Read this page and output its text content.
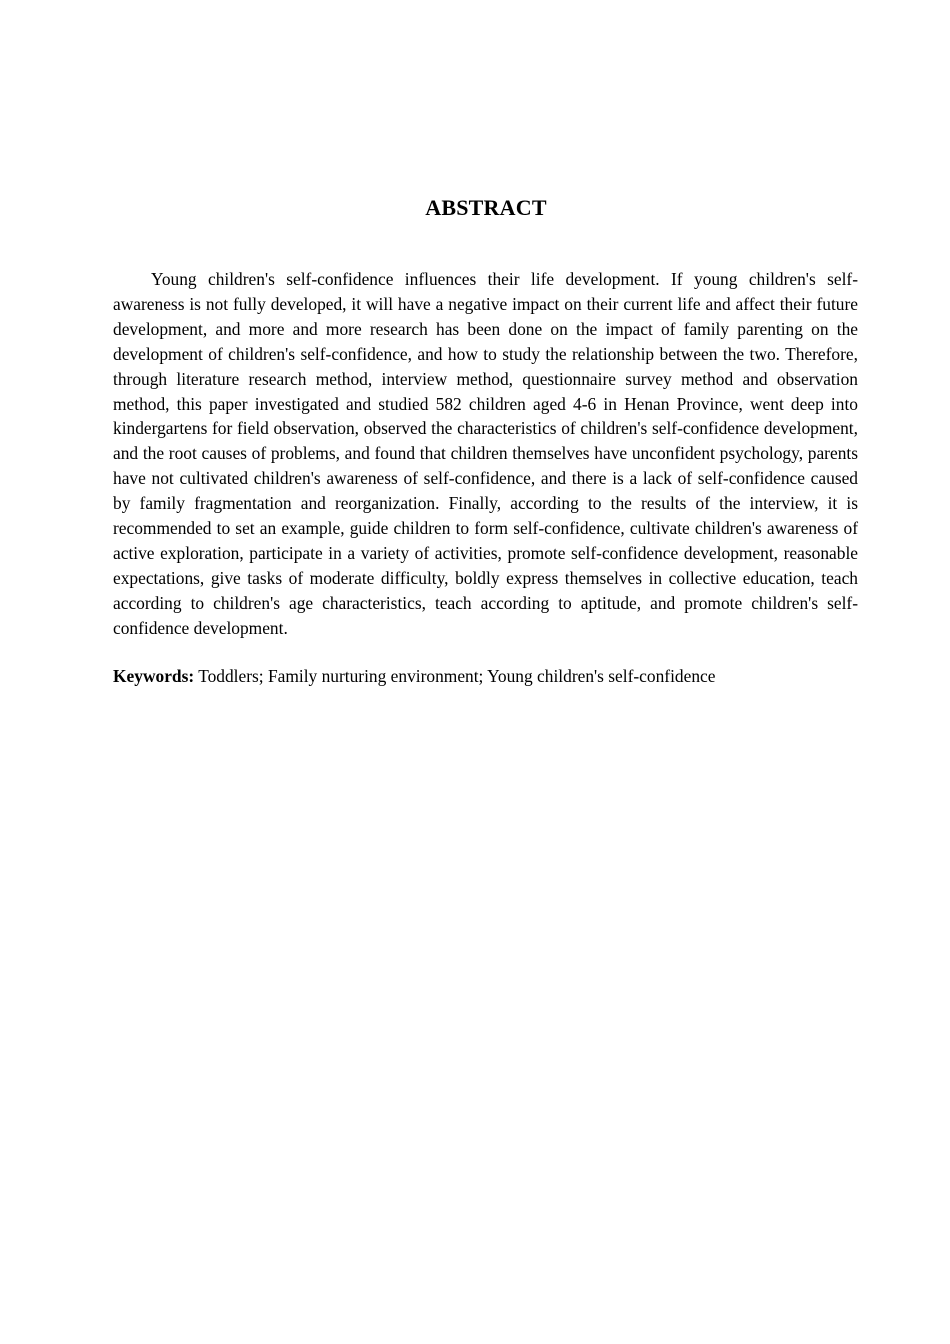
ABSTRACT

Young children's self-confidence influences their life development. If young children's self-awareness is not fully developed, it will have a negative impact on their current life and affect their future development, and more and more research has been done on the impact of family parenting on the development of children's self-confidence, and how to study the relationship between the two. Therefore, through literature research method, interview method, questionnaire survey method and observation method, this paper investigated and studied 582 children aged 4-6 in Henan Province, went deep into kindergartens for field observation, observed the characteristics of children's self-confidence development, and the root causes of problems, and found that children themselves have unconfident psychology, parents have not cultivated children's awareness of self-confidence, and there is a lack of self-confidence caused by family fragmentation and reorganization. Finally, according to the results of the interview, it is recommended to set an example, guide children to form self-confidence, cultivate children's awareness of active exploration, participate in a variety of activities, promote self-confidence development, reasonable expectations, give tasks of moderate difficulty, boldly express themselves in collective education, teach according to children's age characteristics, teach according to aptitude, and promote children's self-confidence development.

Keywords: Toddlers; Family nurturing environment; Young children's self-confidence
